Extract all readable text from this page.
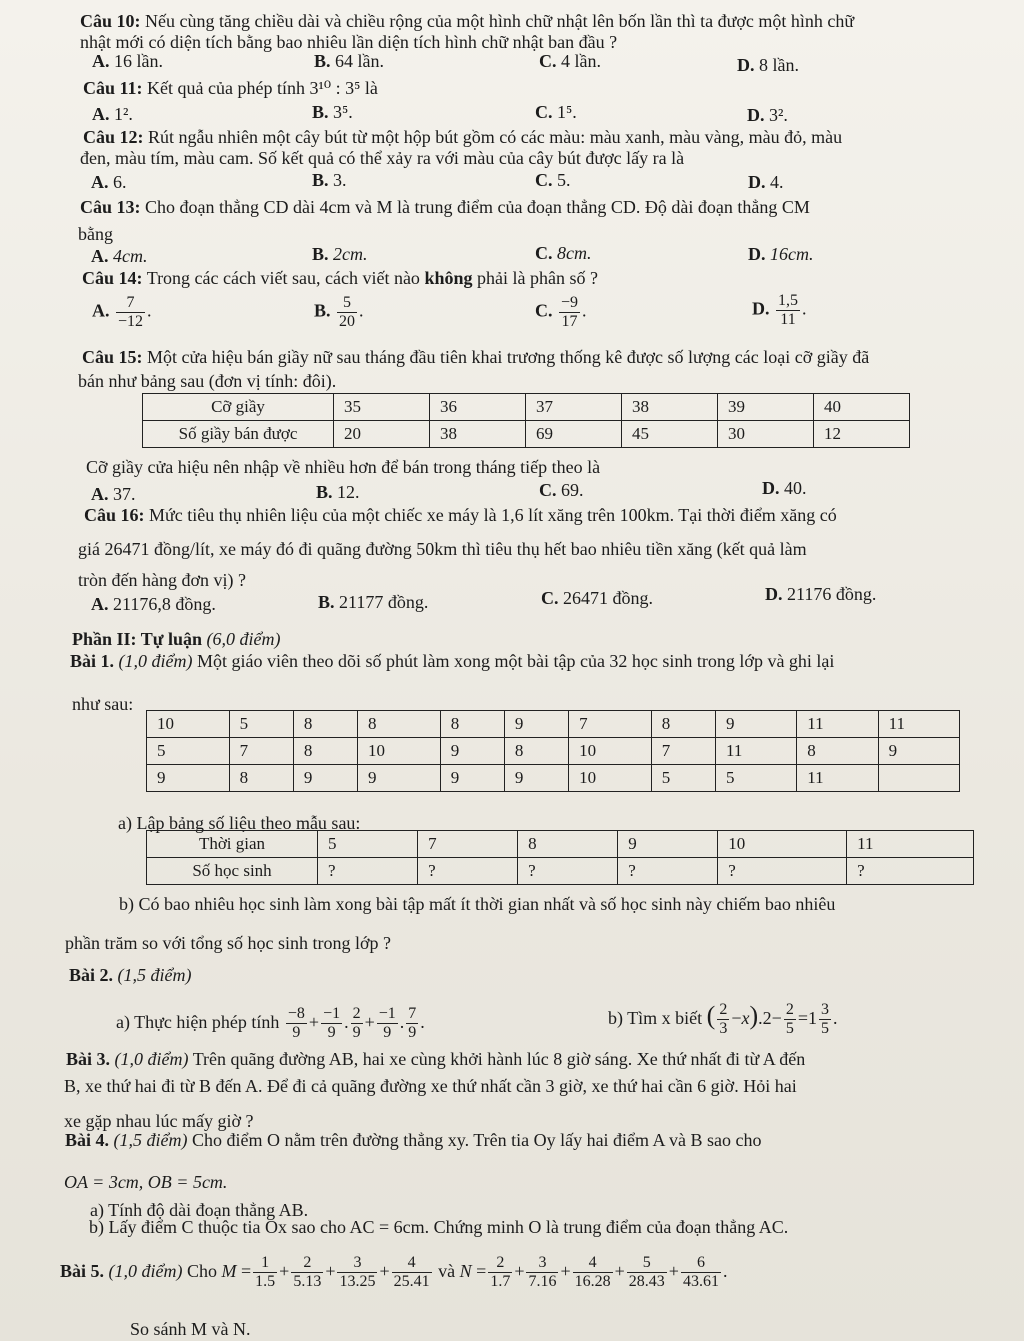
Câu 10: Nếu cùng tăng chiều dài và chiều rộng của một hình chữ nhật lên bốn lần thì ta được một hình chữ
nhật mới có diện tích bằng bao nhiêu lần diện tích hình chữ nhật ban đầu ?
A. 16 lần.	B. 64 lần.	C. 4 lần.	D. 8 lần.
Câu 11: Kết quả của phép tính 3¹⁰ : 3⁵ là
A. 1².	B. 3⁵.	C. 1⁵.	D. 3².
Câu 12: Rút ngẫu nhiên một cây bút từ một hộp bút gồm có các màu: màu xanh, màu vàng, màu đỏ, màu
đen, màu tím, màu cam. Số kết quả có thể xảy ra với màu của cây bút được lấy ra là
A. 6.	B. 3.	C. 5.	D. 4.
Câu 13: Cho đoạn thẳng CD dài 4cm và M là trung điểm của đoạn thẳng CD. Độ dài đoạn thẳng CM
bằng
A. 4cm.	B. 2cm.	C. 8cm.	D. 16cm.
Câu 14: Trong các cách viết sau, cách viết nào không phải là phân số ?
A. $\frac{7}{-12}$ .	B. $\frac{5}{20}$ .	C. $\frac{-9}{17}$ .	D. $\frac{1,5}{11}$ .
Câu 15: Một cửa hiệu bán giầy nữ sau tháng đầu tiên khai trương thống kê được số lượng các loại cỡ giầy đã
bán như bảng sau (đơn vị tính: đôi).
Cỡ giầy	35	36	37	38	39	40
Số giầy bán được	20	38	69	45	30	12
Cỡ giầy cửa hiệu nên nhập về nhiều hơn để bán trong tháng tiếp theo là
A. 37.	B. 12.	C. 69.	D. 40.
Câu 16: Mức tiêu thụ nhiên liệu của một chiếc xe máy là 1,6 lít xăng trên 100km. Tại thời điểm xăng có
giá 26471 đồng/lít, xe máy đó đi quãng đường 50km thì tiêu thụ hết bao nhiêu tiền xăng (kết quả làm
tròn đến hàng đơn vị) ?
A. 21176,8 đồng.	B. 21177 đồng.	C. 26471 đồng.	D. 21176 đồng.
Phần II: Tự luận (6,0 điểm)
Bài 1. (1,0 điểm) Một giáo viên theo dõi số phút làm xong một bài tập của 32 học sinh trong lớp và ghi lại
như sau:
10	5	8	8	8	9	7	8	9	11	11
5	7	8	10	9	8	10	7	11	8	9
9	8	9	9	9	9	10	5	5	11	
a) Lập bảng số liệu theo mẫu sau:
Thời gian	5	7	8	9	10	11
Số học sinh	?	?	?	?	?	?
b) Có bao nhiêu học sinh làm xong bài tập mất ít thời gian nhất và số học sinh này chiếm bao nhiêu
phần trăm so với tổng số học sinh trong lớp ?
Bài 2. (1,5 điểm)
a) Thực hiện phép tính $\frac{-8}{9} + \frac{-1}{9}$ . $\frac{2}{9} + \frac{-1}{9}$ . $\frac{7}{9}$ .	b) Tìm x biết ( $\frac{2}{3} -x).2- \frac{2}{5} =1 \frac{3}{5}$ .
Bài 3. (1,0 điểm) Trên quãng đường AB, hai xe cùng khởi hành lúc 8 giờ sáng. Xe thứ nhất đi từ A đến
B, xe thứ hai đi từ B đến A. Để đi cả quãng đường xe thứ nhất cần 3 giờ, xe thứ hai cần 6 giờ. Hỏi hai
xe gặp nhau lúc mấy giờ ?
Bài 4. (1,5 điểm) Cho điểm O nằm trên đường thẳng xy. Trên tia Oy lấy hai điểm A và B sao cho
OA = 3cm, OB = 5cm.
a) Tính độ dài đoạn thẳng AB.
b) Lấy điểm C thuộc tia Ox sao cho AC = 6cm. Chứng minh O là trung điểm của đoạn thẳng AC.
Bài 5. (1,0 điểm) Cho $M = \frac{1}{1.5} + \frac{2}{5.13} + \frac{3}{13.25} + \frac{4}{25.41}$ và $N = \frac{2}{1.7} + \frac{3}{7.16} + \frac{4}{16.28} + \frac{5}{28.43} + \frac{6}{43.61}$ .
So sánh M và N.
